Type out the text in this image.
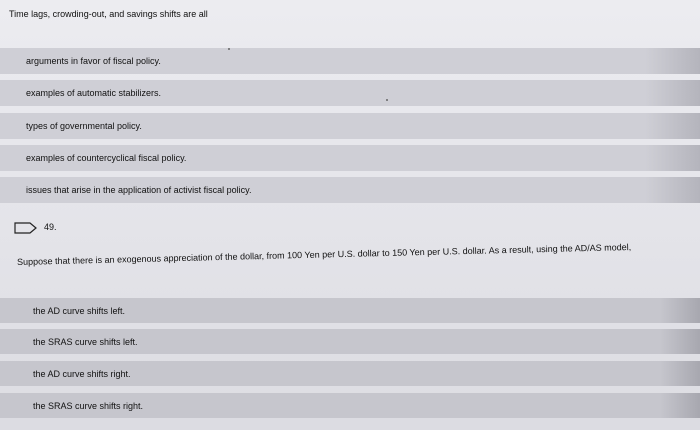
Time lags, crowding-out, and savings shifts are all
arguments in favor of fiscal policy.
examples of automatic stabilizers.
types of governmental policy.
examples of countercyclical fiscal policy.
issues that arise in the application of activist fiscal policy.
49.
Suppose that there is an exogenous appreciation of the dollar, from 100 Yen per U.S. dollar to 150 Yen per U.S. dollar. As a result, using the AD/AS model,
the AD curve shifts left.
the SRAS curve shifts left.
the AD curve shifts right.
the SRAS curve shifts right.
